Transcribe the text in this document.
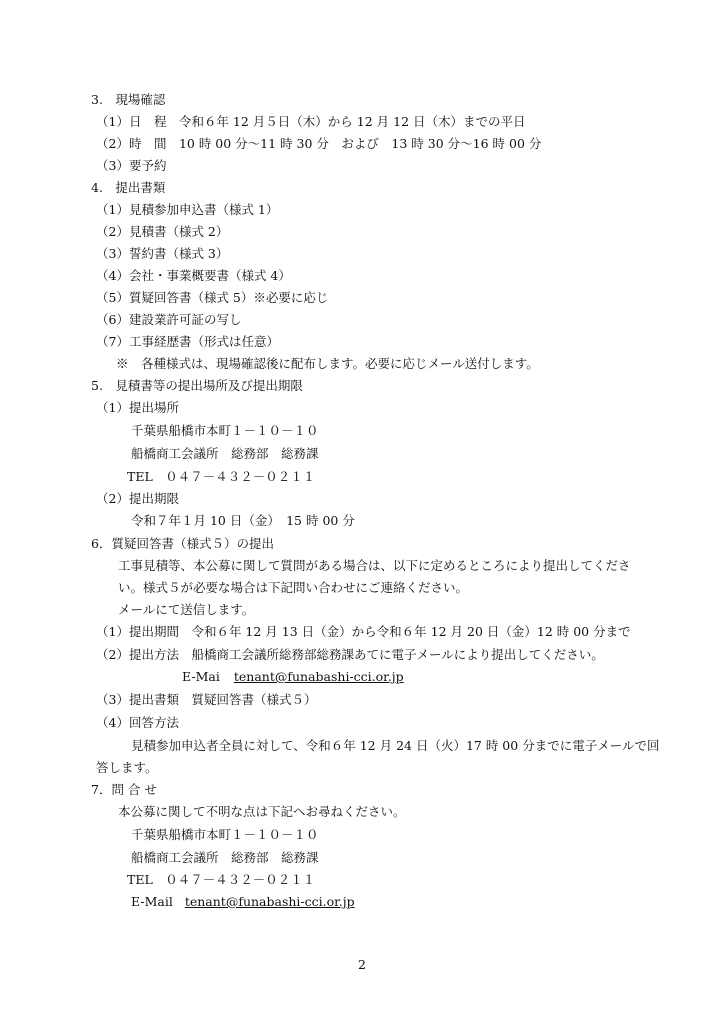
3.　現場確認
（1）日　程　令和６年 12 月５日（木）から 12 月 12 日（木）までの平日
（2）時　間　10 時 00 分～11 時 30 分　および　13 時 30 分～16 時 00 分
（3）要予約
4.　提出書類
（1）見積参加申込書（様式 1）
（2）見積書（様式 2）
（3）誓約書（様式 3）
（4）会社・事業概要書（様式 4）
（5）質疑回答書（様式 5）※必要に応じ
（6）建設業許可証の写し
（7）工事経歴書（形式は任意）
※　各種様式は、現場確認後に配布します。必要に応じメール送付します。
5.　見積書等の提出場所及び提出期限
（1）提出場所
千葉県船橋市本町１－１０－１０
船橋商工会議所　総務部　総務課
TEL　０４７－４３２－０２１１
（2）提出期限
令和７年１月 10 日（金）　15 時 00 分
6．質疑回答書（様式５）の提出
工事見積等、本公募に関して質問がある場合は、以下に定めるところにより提出してくださ
い。様式５が必要な場合は下記問い合わせにご連絡ください。
メールにて送信します。
（1）提出期間　令和６年 12 月 13 日（金）から令和６年 12 月 20 日（金）12 時 00 分まで
（2）提出方法　船橋商工会議所総務部総務課あてに電子メールにより提出してください。
E-Mai tenant@funabashi-cci.or.jp
（3）提出書類　質疑回答書（様式５）
（4）回答方法
見積参加申込者全員に対して、令和６年 12 月 24 日（火）17 時 00 分までに電子メールで回
答します。
7．問 合 せ
本公募に関して不明な点は下記へお尋ねください。
千葉県船橋市本町１－１０－１０
船橋商工会議所　総務部　総務課
TEL　０４７－４３２－０２１１
E-Mail tenant@funabashi-cci.or.jp
2
